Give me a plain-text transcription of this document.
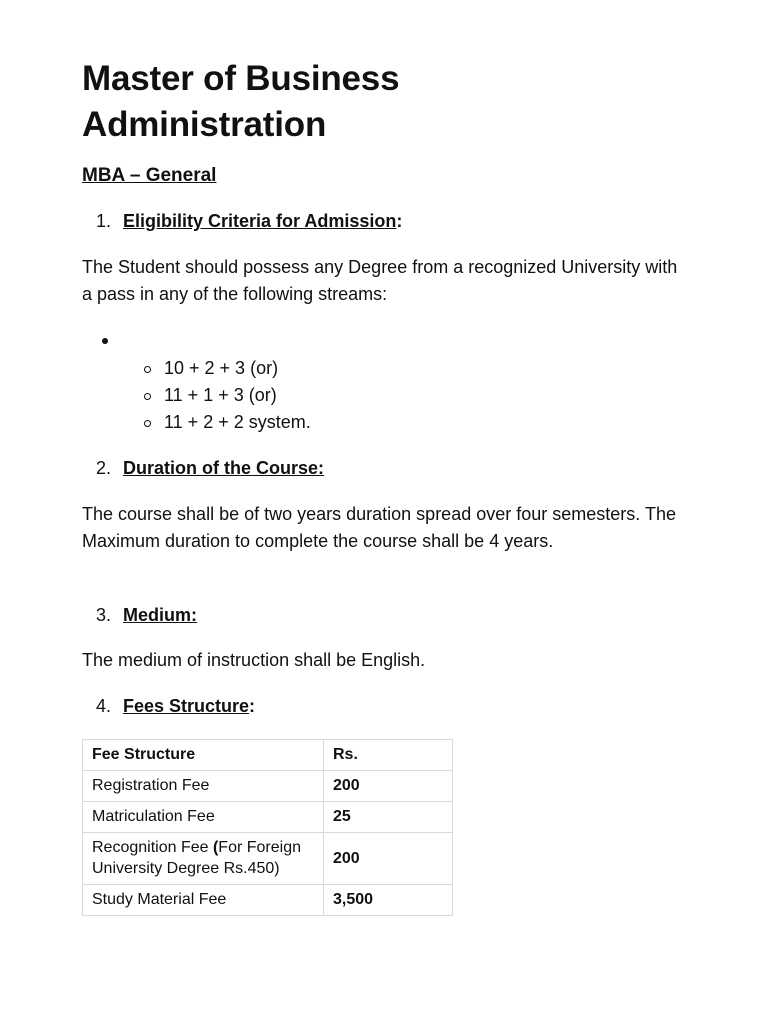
Master of Business Administration
MBA – General
1. Eligibility Criteria for Admission:
The Student should possess any Degree from a recognized University with a pass in any of the following streams:
10 + 2 + 3 (or)
11 + 1 + 3 (or)
11 + 2 + 2 system.
2. Duration of the Course:
The course shall be of two years duration spread over four semesters. The Maximum duration to complete the course shall be 4 years.
3. Medium:
The medium of instruction shall be English.
4. Fees Structure:
Fee Structure	Rs.
Registration Fee	200
Matriculation Fee	25
Recognition Fee (For Foreign University Degree Rs.450)	200
Study Material Fee	3,500
